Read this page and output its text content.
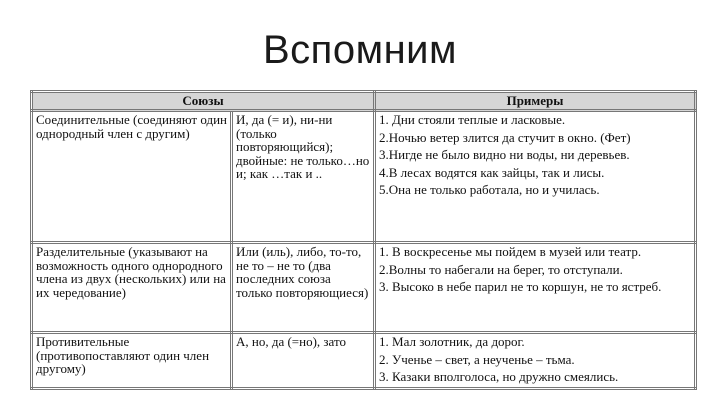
Вспомним
Союзы		Примеры
Соединительные (соединяют один однородный член с другим)	И, да (= и), ни-ни (только повторяющийся); двойные: не только…но и; как …так и ..	1. Дни стояли теплые и ласковые.
2.Ночью ветер злится да стучит в окно. (Фет)
3.Нигде не было видно ни воды, ни деревьев.
4.В лесах водятся как зайцы, так и лисы.
5.Она не только работала, но и училась.

Разделительные (указывают на возможность одного однородного члена из двух (нескольких) или на их чередование)	Или (иль), либо, то-то, не то – не то (два последних союза только повторяющиеся)	1. В воскресенье мы пойдем в музей или театр.
2.Волны то набегали на берег, то отступали.
3. Высоко в небе парил не то коршун, не то ястреб.

Противительные (противопоставляют один член другому)	А, но, да (=но), зато	1. Мал золотник, да дорог.
2. Ученье – свет, а неученье – тьма.
3. Казаки вполголоса, но дружно смеялись.
